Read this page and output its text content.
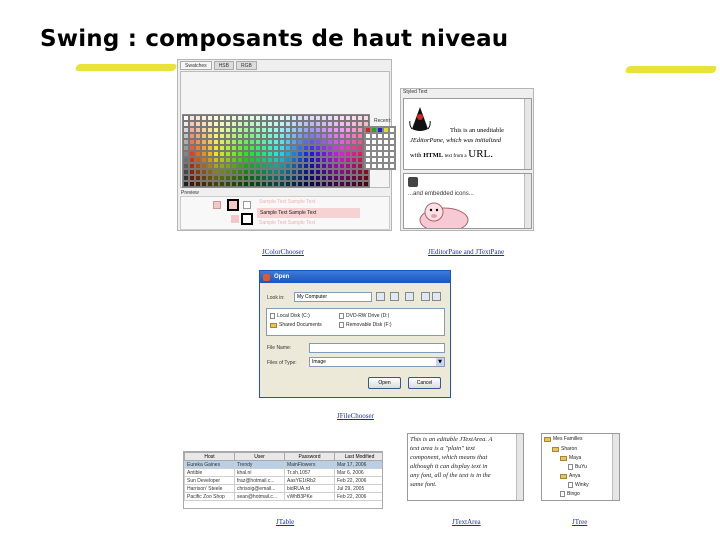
Swing : composants de haut niveau
Swatches	HSB	RGB
Recent:
Preview
Sample Text Sample Text
Sample Text Sample Text
Sample Text Sample Text
JColorChooser
Styled Text
This is an uneditable
JEditorPane, which was initialized
with HTML text from a URL.
...and embedded icons...
JEditorPane and JTextPane
Open
Look in:	My Computer
Local Disk (C:)	DVD-RW Drive (D:)
Shared Documents	Removable Disk (F:)
File Name:
Files of Type:	Image	▼
Open	Cancel
JFileChooser
Host	User	Password	Last Modified
Eureka Gaines	Trendy	MainFlowers	Mar 17, 2006
Antible	khal.ni	Tr.sh.1057	Mar 6, 2006
Sun Developer	fraz@hotmail.c...	AasYE1tRb2	Feb 22, 2006
Harrison' Steele	chrisoig@email...	bidRUA.rd	Jul 29, 2005
Pacific Zoo Shop	sean@hotmail.c...	vWhB3PKe	Feb 22, 2006
JTable
This is an editable JTextArea. A
text area is a "plain" text
component, which means that
although it can display text in
any font, all of the text is in the
same font.
JTextArea
Mes Familles
Sharon
Maya
BuYu
Anya
Winky
Bingo
JTree
